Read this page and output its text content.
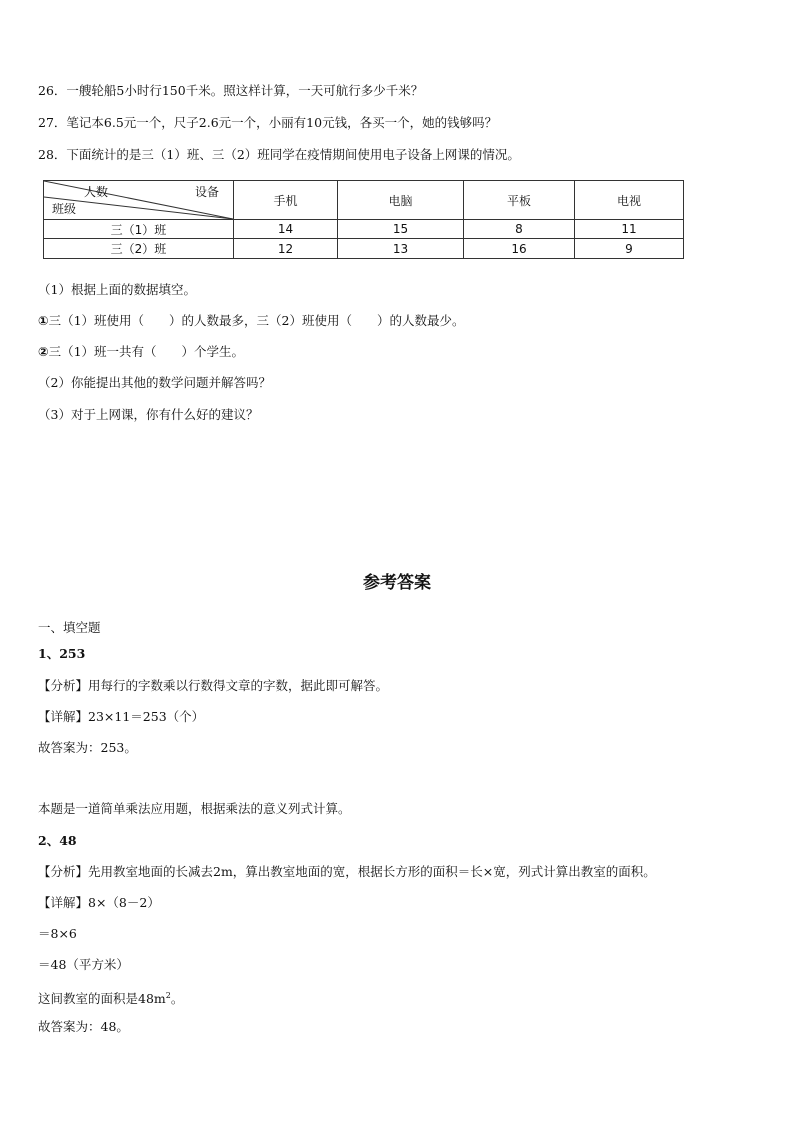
26．一艘轮船5小时行150千米。照这样计算，一天可航行多少千米？
27．笔记本6.5元一个，尺子2.6元一个，小丽有10元钱，各买一个，她的钱够吗？
28．下面统计的是三（1）班、三（2）班同学在疫情期间使用电子设备上网课的情况。
设备
人数
班级	手机	电脑	平板	电视
三（1）班	14	15	8	11
三（2）班	12	13	16	9
（1）根据上面的数据填空。
①三（1）班使用（　　）的人数最多，三（2）班使用（　　）的人数最少。
②三（1）班一共有（　　）个学生。
（2）你能提出其他的数学问题并解答吗？
（3）对于上网课，你有什么好的建议？
参考答案
一、填空题
1、253
【分析】用每行的字数乘以行数得文章的字数，据此即可解答。
【详解】23×11＝253（个）
故答案为：253。
本题是一道简单乘法应用题，根据乘法的意义列式计算。
2、48
【分析】先用教室地面的长减去2m，算出教室地面的宽，根据长方形的面积＝长×宽，列式计算出教室的面积。
【详解】8×（8－2）
＝8×6
＝48（平方米）
这间教室的面积是$48m^2$。
故答案为：48。
